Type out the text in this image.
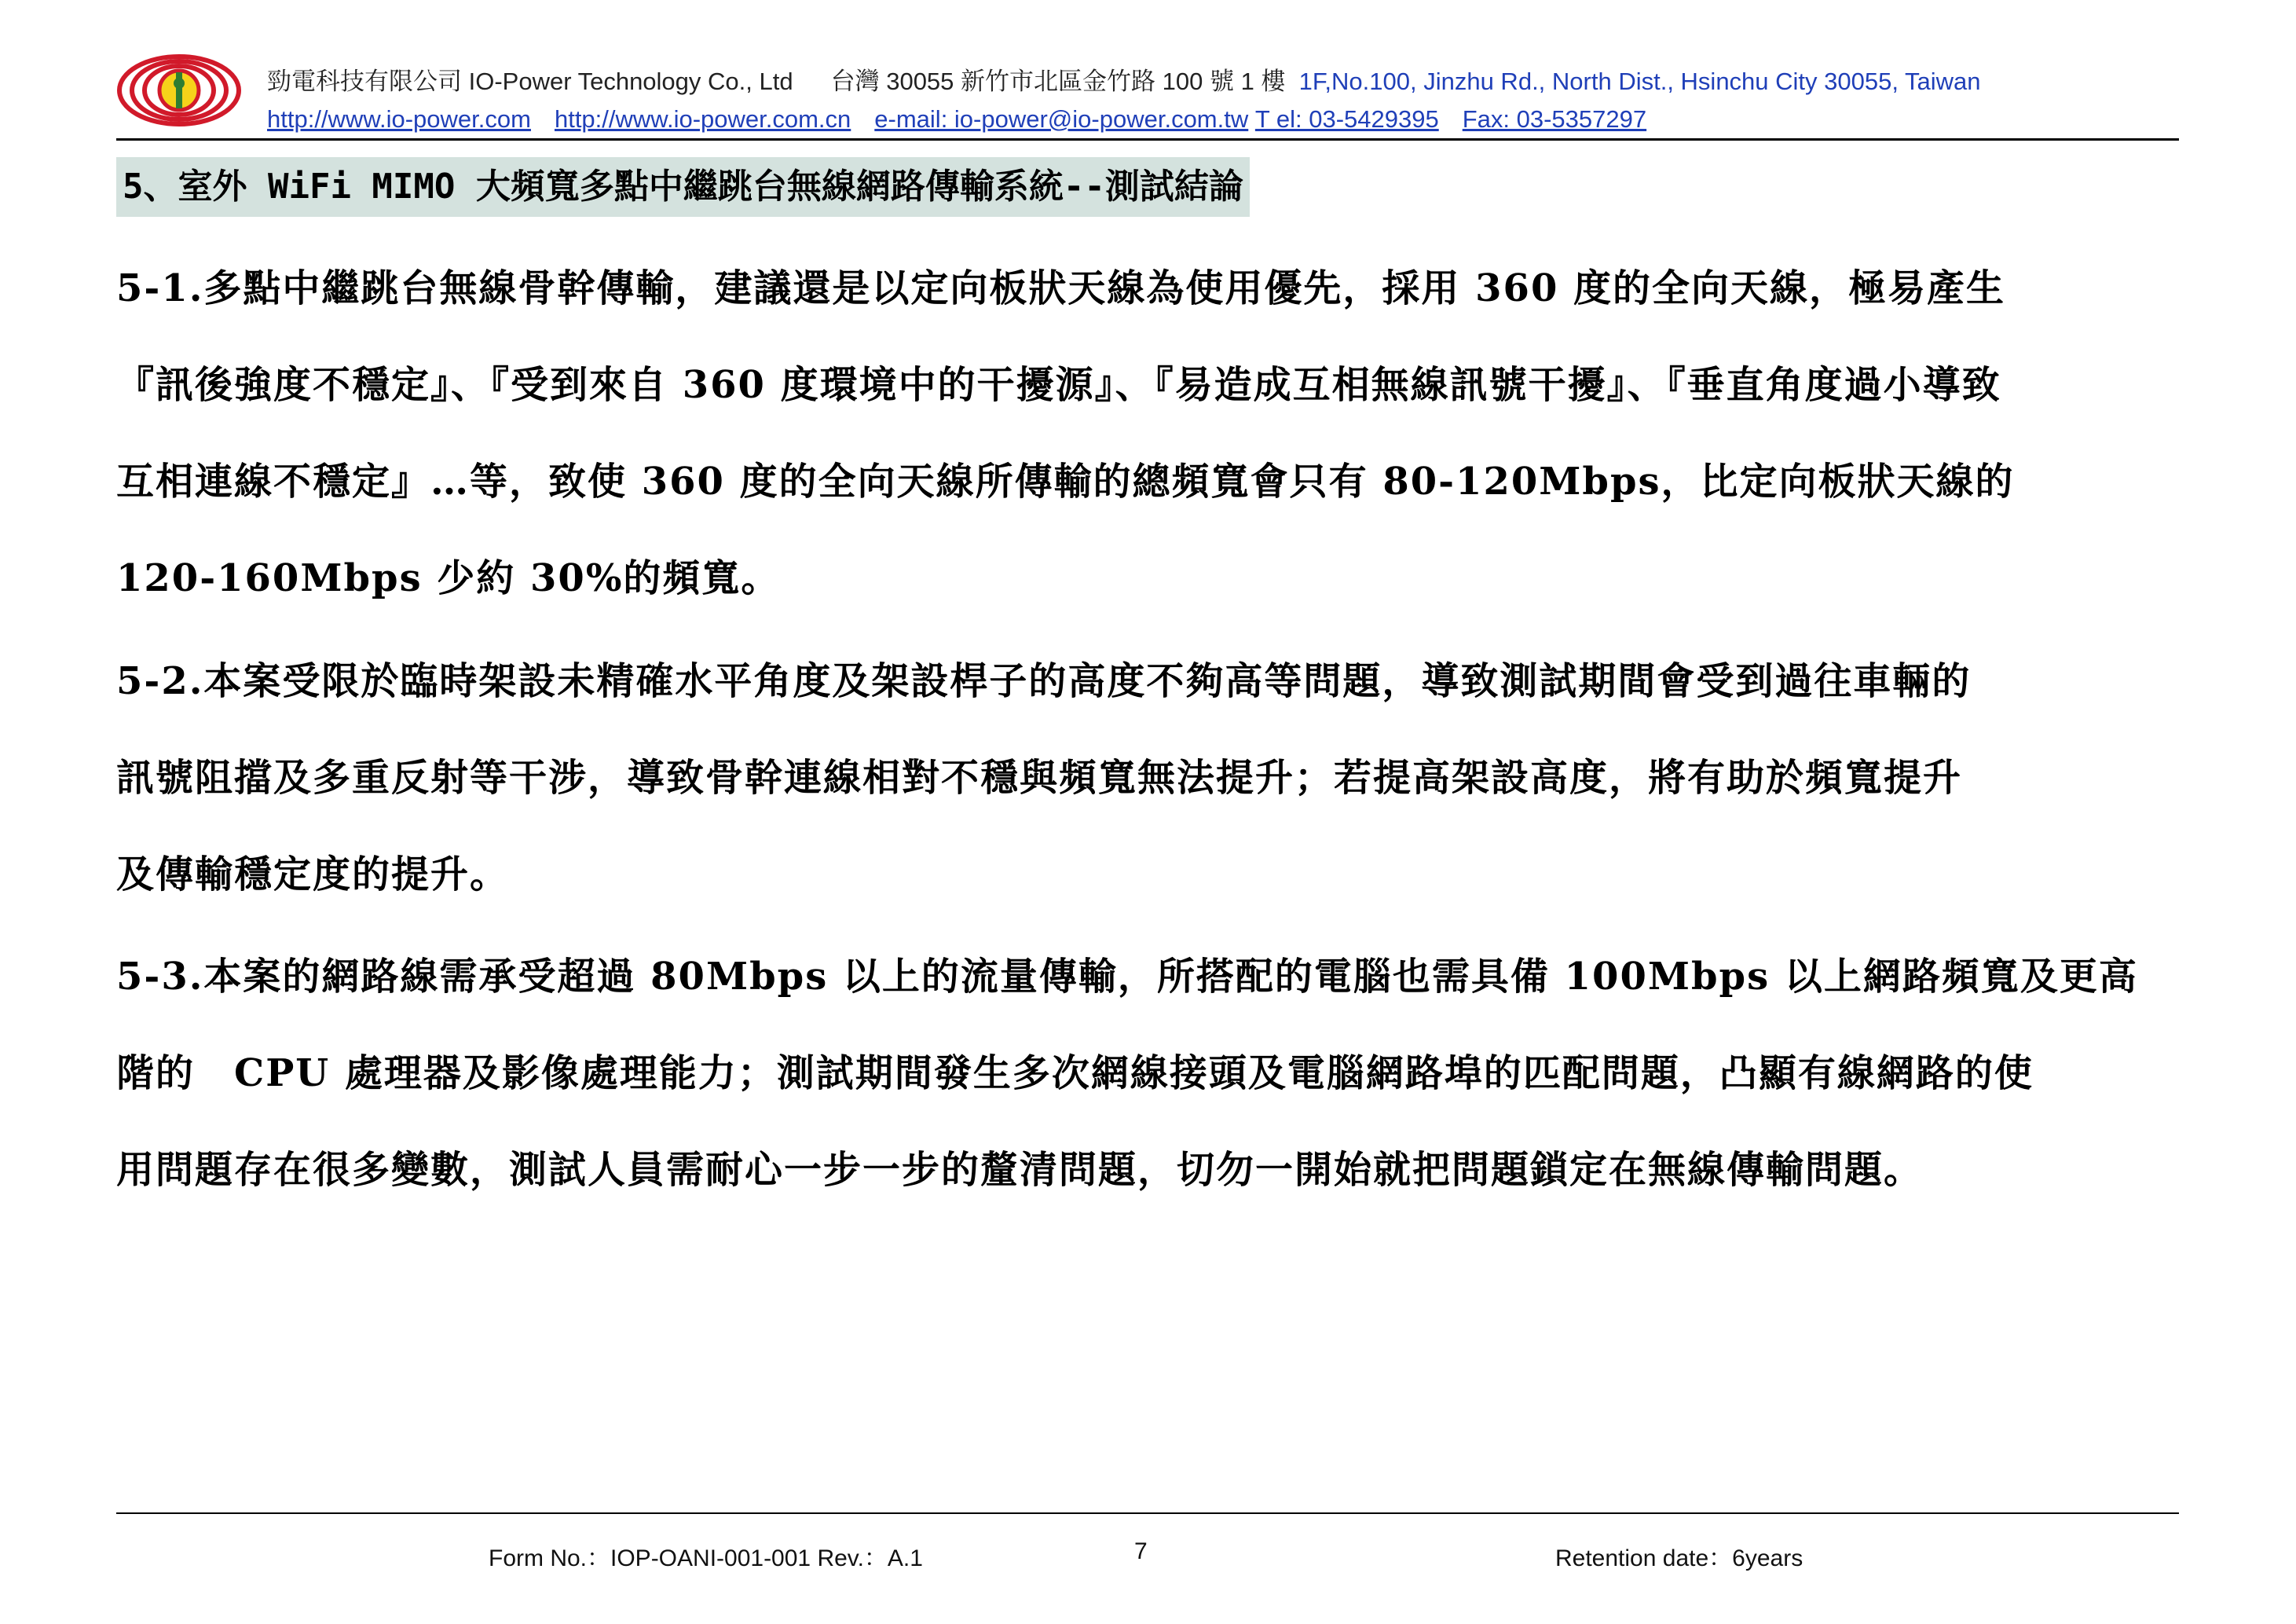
勁電科技有限公司 IO-Power Technology Co., Ltd 台灣 30055 新竹市北區金竹路 100 號 1 樓 1F,No.100, Jinzhu Rd., North Dist., Hsinchu City 30055, Taiwan
http://www.io-power.com http://www.io-power.com.cn e-mail: io-power@io-power.com.tw T el: 03-5429395 Fax: 03-5357297
5、室外 WiFi MIMO 大頻寬多點中繼跳台無線網路傳輸系統--測試結論

5-1.多點中繼跳台無線骨幹傳輸，建議還是以定向板狀天線為使用優先，採用 360 度的全向天線，極易產生
『訊後強度不穩定』、『受到來自 360 度環境中的干擾源』、『易造成互相無線訊號干擾』、『垂直角度過小導致
互相連線不穩定』…等，致使 360 度的全向天線所傳輸的總頻寬會只有 80-120Mbps，比定向板狀天線的
120-160Mbps 少約 30%的頻寬。

5-2.本案受限於臨時架設未精確水平角度及架設桿子的高度不夠高等問題，導致測試期間會受到過往車輛的
訊號阻擋及多重反射等干涉，導致骨幹連線相對不穩與頻寬無法提升；若提高架設高度，將有助於頻寬提升
及傳輸穩定度的提升。

5-3.本案的網路線需承受超過 80Mbps 以上的流量傳輸，所搭配的電腦也需具備 100Mbps 以上網路頻寬及更高
階的　CPU 處理器及影像處理能力；測試期間發生多次網線接頭及電腦網路埠的匹配問題，凸顯有線網路的使
用問題存在很多變數，測試人員需耐心一步一步的釐清問題，切勿一開始就把問題鎖定在無線傳輸問題。

Form No.：IOP-OANI-001-001 Rev.：A.1	7	Retention date：6years
